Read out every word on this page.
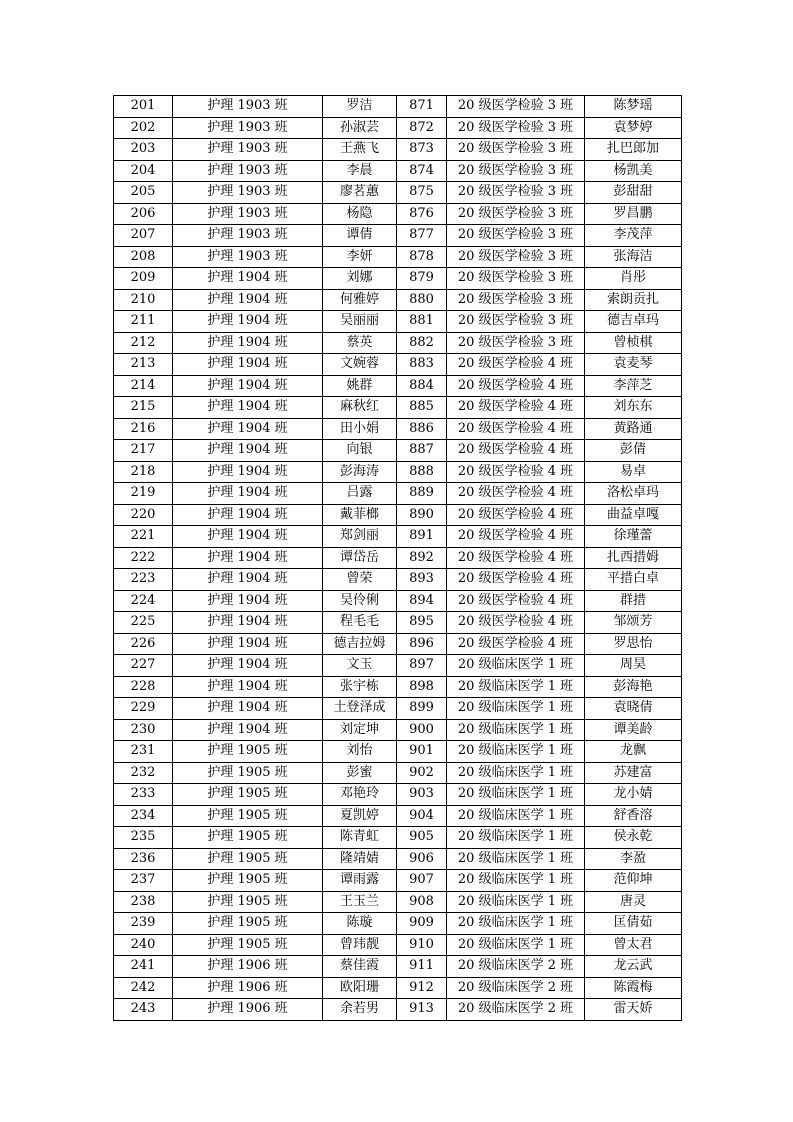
201	护理 1903 班	罗洁	871	20 级医学检验 3 班	陈梦瑶
202	护理 1903 班	孙淑芸	872	20 级医学检验 3 班	袁梦婷
203	护理 1903 班	王燕飞	873	20 级医学检验 3 班	扎巴郎加
204	护理 1903 班	李晨	874	20 级医学检验 3 班	杨凯美
205	护理 1903 班	廖茗蕙	875	20 级医学检验 3 班	彭甜甜
206	护理 1903 班	杨隐	876	20 级医学检验 3 班	罗昌鹏
207	护理 1903 班	谭倩	877	20 级医学检验 3 班	李茂萍
208	护理 1903 班	李妍	878	20 级医学检验 3 班	张海洁
209	护理 1904 班	刘娜	879	20 级医学检验 3 班	肖彤
210	护理 1904 班	何雅婷	880	20 级医学检验 3 班	索朗贡扎
211	护理 1904 班	吴丽丽	881	20 级医学检验 3 班	德吉卓玛
212	护理 1904 班	蔡英	882	20 级医学检验 3 班	曾桢棋
213	护理 1904 班	文婉蓉	883	20 级医学检验 4 班	袁麦琴
214	护理 1904 班	姚群	884	20 级医学检验 4 班	李萍芝
215	护理 1904 班	麻秋红	885	20 级医学检验 4 班	刘东东
216	护理 1904 班	田小娟	886	20 级医学检验 4 班	黄路通
217	护理 1904 班	向银	887	20 级医学检验 4 班	彭倩
218	护理 1904 班	彭海涛	888	20 级医学检验 4 班	易卓
219	护理 1904 班	吕露	889	20 级医学检验 4 班	洛松卓玛
220	护理 1904 班	戴菲榔	890	20 级医学检验 4 班	曲益卓嘎
221	护理 1904 班	郑剑丽	891	20 级医学检验 4 班	徐瑾蕾
222	护理 1904 班	谭岱岳	892	20 级医学检验 4 班	扎西措姆
223	护理 1904 班	曾荣	893	20 级医学检验 4 班	平措白卓
224	护理 1904 班	吴伶俐	894	20 级医学检验 4 班	群措
225	护理 1904 班	程毛毛	895	20 级医学检验 4 班	邹颂芳
226	护理 1904 班	德吉拉姆	896	20 级医学检验 4 班	罗思怡
227	护理 1904 班	文玉	897	20 级临床医学 1 班	周昊
228	护理 1904 班	张宇栋	898	20 级临床医学 1 班	彭海艳
229	护理 1904 班	土登泽成	899	20 级临床医学 1 班	袁晓倩
230	护理 1904 班	刘定坤	900	20 级临床医学 1 班	谭美龄
231	护理 1905 班	刘怡	901	20 级临床医学 1 班	龙飘
232	护理 1905 班	彭蜜	902	20 级临床医学 1 班	苏建富
233	护理 1905 班	邓艳玲	903	20 级临床医学 1 班	龙小婧
234	护理 1905 班	夏凯婷	904	20 级临床医学 1 班	舒香溶
235	护理 1905 班	陈青虹	905	20 级临床医学 1 班	侯永乾
236	护理 1905 班	隆靖婧	906	20 级临床医学 1 班	李盈
237	护理 1905 班	谭雨露	907	20 级临床医学 1 班	范仰坤
238	护理 1905 班	王玉兰	908	20 级临床医学 1 班	唐灵
239	护理 1905 班	陈璇	909	20 级临床医学 1 班	匡倩茹
240	护理 1905 班	曾玮靓	910	20 级临床医学 1 班	曾太君
241	护理 1906 班	蔡佳霞	911	20 级临床医学 2 班	龙云武
242	护理 1906 班	欧阳珊	912	20 级临床医学 2 班	陈霞梅
243	护理 1906 班	余若男	913	20 级临床医学 2 班	雷天娇
